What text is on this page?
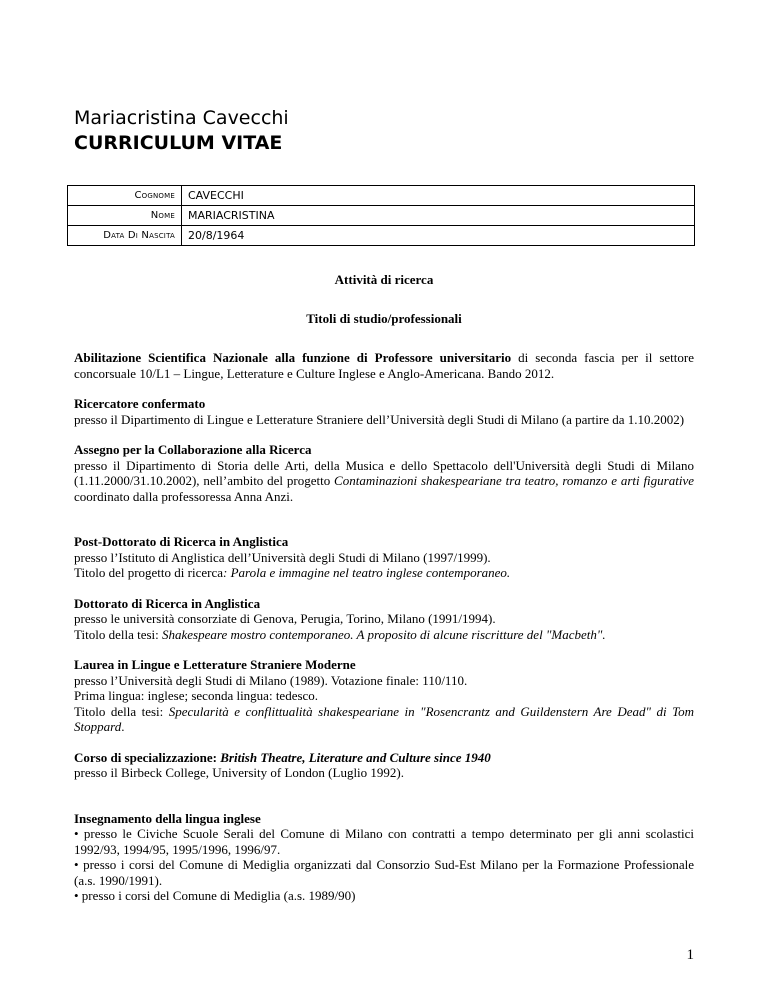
Mariacristina Cavecchi
CURRICULUM VITAE
Cognome	CAVECCHI
Nome	MARIACRISTINA
Data Di Nascita	20/8/1964

Attività di ricerca

Titoli di studio/professionali

Abilitazione Scientifica Nazionale alla funzione di Professore universitario di seconda fascia per il settore concorsuale 10/L1 – Lingue, Letterature e Culture Inglese e Anglo-Americana. Bando 2012.

Ricercatore confermato

presso il Dipartimento di Lingue e Letterature Straniere dell’Università degli Studi di Milano (a partire da 1.10.2002)

Assegno per la Collaborazione alla Ricerca

presso il Dipartimento di Storia delle Arti, della Musica e dello Spettacolo dell'Università degli Studi di Milano (1.11.2000/31.10.2002), nell’ambito del progetto Contaminazioni shakespeariane tra teatro, romanzo e arti figurative coordinato dalla professoressa Anna Anzi.

Post-Dottorato di Ricerca in Anglistica

presso l’Istituto di Anglistica dell’Università degli Studi di Milano (1997/1999).

Titolo del progetto di ricerca: Parola e immagine nel teatro inglese contemporaneo.

Dottorato di Ricerca in Anglistica

presso le università consorziate di Genova, Perugia, Torino, Milano (1991/1994).

Titolo della tesi: Shakespeare mostro contemporaneo. A proposito di alcune riscritture del "Macbeth".

Laurea in Lingue e Letterature Straniere Moderne

presso l’Università degli Studi di Milano (1989). Votazione finale: 110/110.

Prima lingua: inglese; seconda lingua: tedesco.

Titolo della tesi: Specularità e conflittualità shakespeariane in "Rosencrantz and Guildenstern Are Dead" di Tom Stoppard.

Corso di specializzazione: British Theatre, Literature and Culture since 1940

presso il Birbeck College, University of London (Luglio 1992).

Insegnamento della lingua inglese

• presso le Civiche Scuole Serali del Comune di Milano con contratti a tempo determinato per gli anni scolastici 1992/93, 1994/95, 1995/1996, 1996/97.

• presso i corsi del Comune di Mediglia organizzati dal Consorzio Sud-Est Milano per la Formazione Professionale (a.s. 1990/1991).

• presso i corsi del Comune di Mediglia (a.s. 1989/90)

1
